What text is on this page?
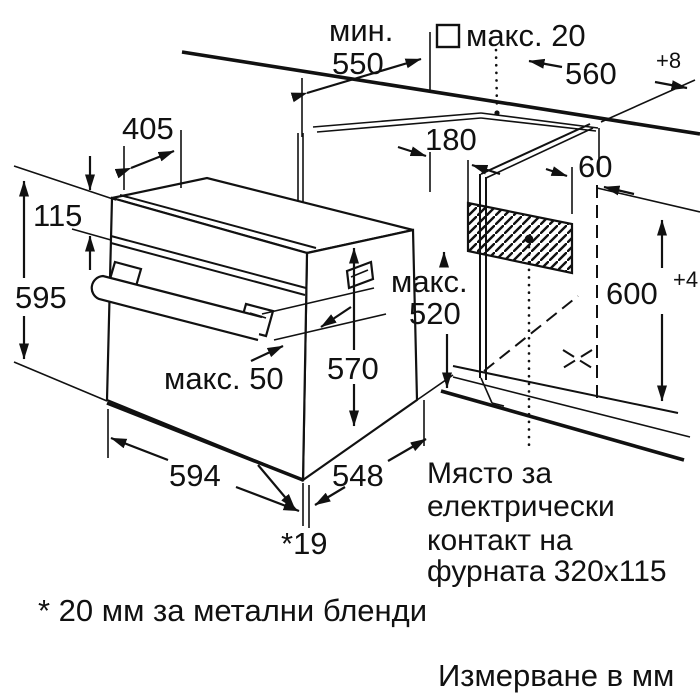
мин.
550
макс. 20
560 +8
405	180
60
115
595	макс.
520
570
макс. 50
594	548
600 +4
*19
Място за
електрически
контакт на
фурната 320x115
* 20 мм за метални бленди
Измерване в мм
